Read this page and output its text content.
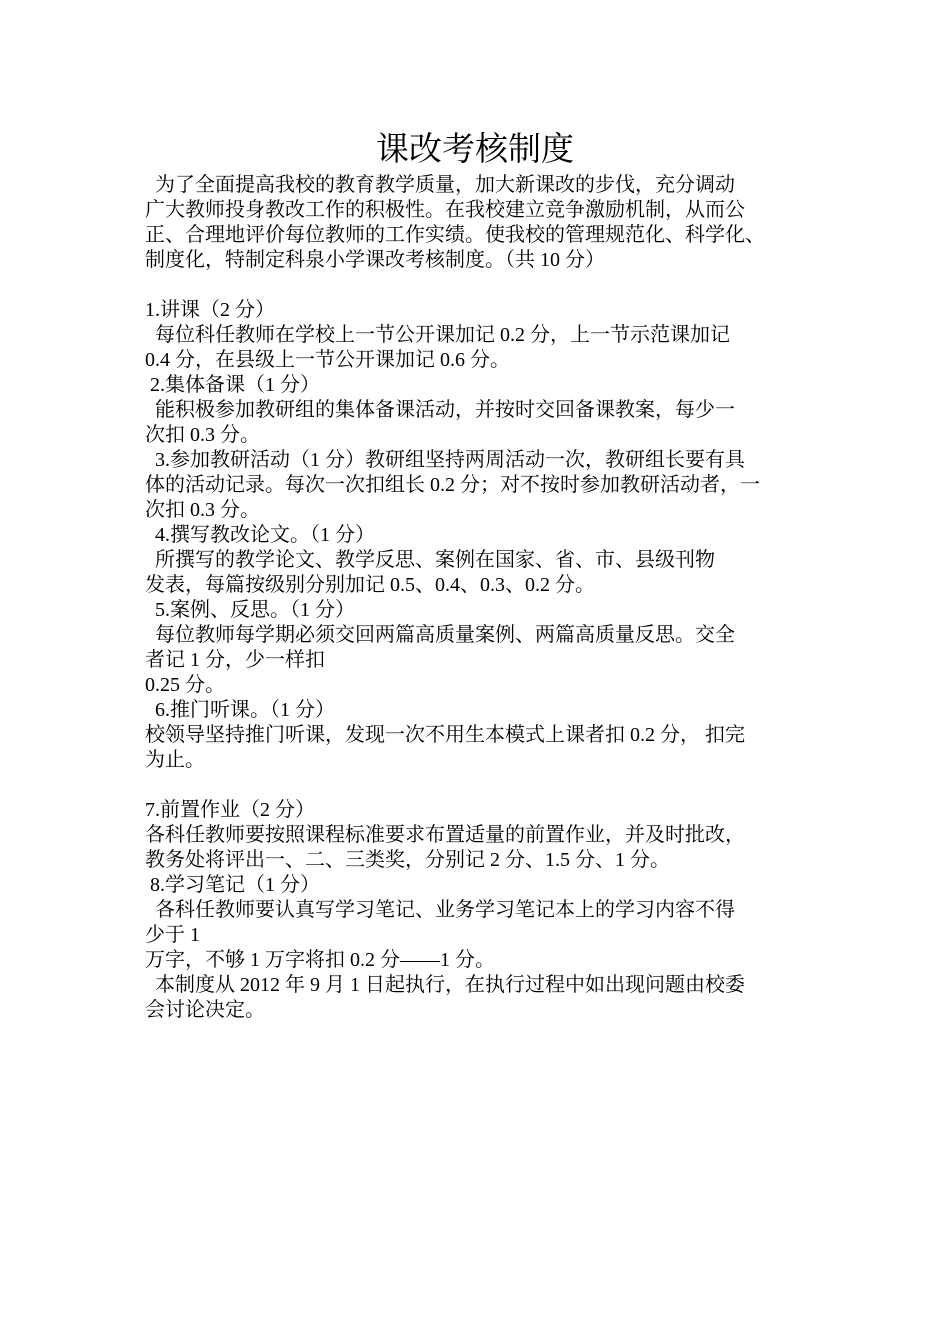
课改考核制度
为了全面提高我校的教育教学质量，加大新课改的步伐，充分调动
广大教师投身教改工作的积极性。在我校建立竞争激励机制，从而公
正、合理地评价每位教师的工作实绩。使我校的管理规范化、科学化、
制度化，特制定科泉小学课改考核制度。（共 10 分）
1.讲课（2 分）
每位科任教师在学校上一节公开课加记 0.2 分，上一节示范课加记
0.4 分，在县级上一节公开课加记 0.6 分。
2.集体备课（1 分）
能积极参加教研组的集体备课活动，并按时交回备课教案，每少一
次扣 0.3 分。
3.参加教研活动（1 分）教研组坚持两周活动一次，教研组长要有具
体的活动记录。每次一次扣组长 0.2 分；对不按时参加教研活动者，一
次扣 0.3 分。
4.撰写教改论文。（1 分）
所撰写的教学论文、教学反思、案例在国家、省、市、县级刊物
发表，每篇按级别分别加记 0.5、0.4、0.3、0.2 分。
5.案例、反思。（1 分）
每位教师每学期必须交回两篇高质量案例、两篇高质量反思。交全
者记 1 分，少一样扣
0.25 分。
6.推门听课。（1 分）
校领导坚持推门听课，发现一次不用生本模式上课者扣 0.2 分， 扣完
为止。
7.前置作业（2 分）
各科任教师要按照课程标准要求布置适量的前置作业，并及时批改，
教务处将评出一、二、三类奖，分别记 2 分、1.5 分、1 分。
8.学习笔记（1 分）
各科任教师要认真写学习笔记、业务学习笔记本上的学习内容不得
少于 1
万字，不够 1 万字将扣 0.2 分——1 分。
本制度从 2012 年 9 月 1 日起执行，在执行过程中如出现问题由校委
会讨论决定。
